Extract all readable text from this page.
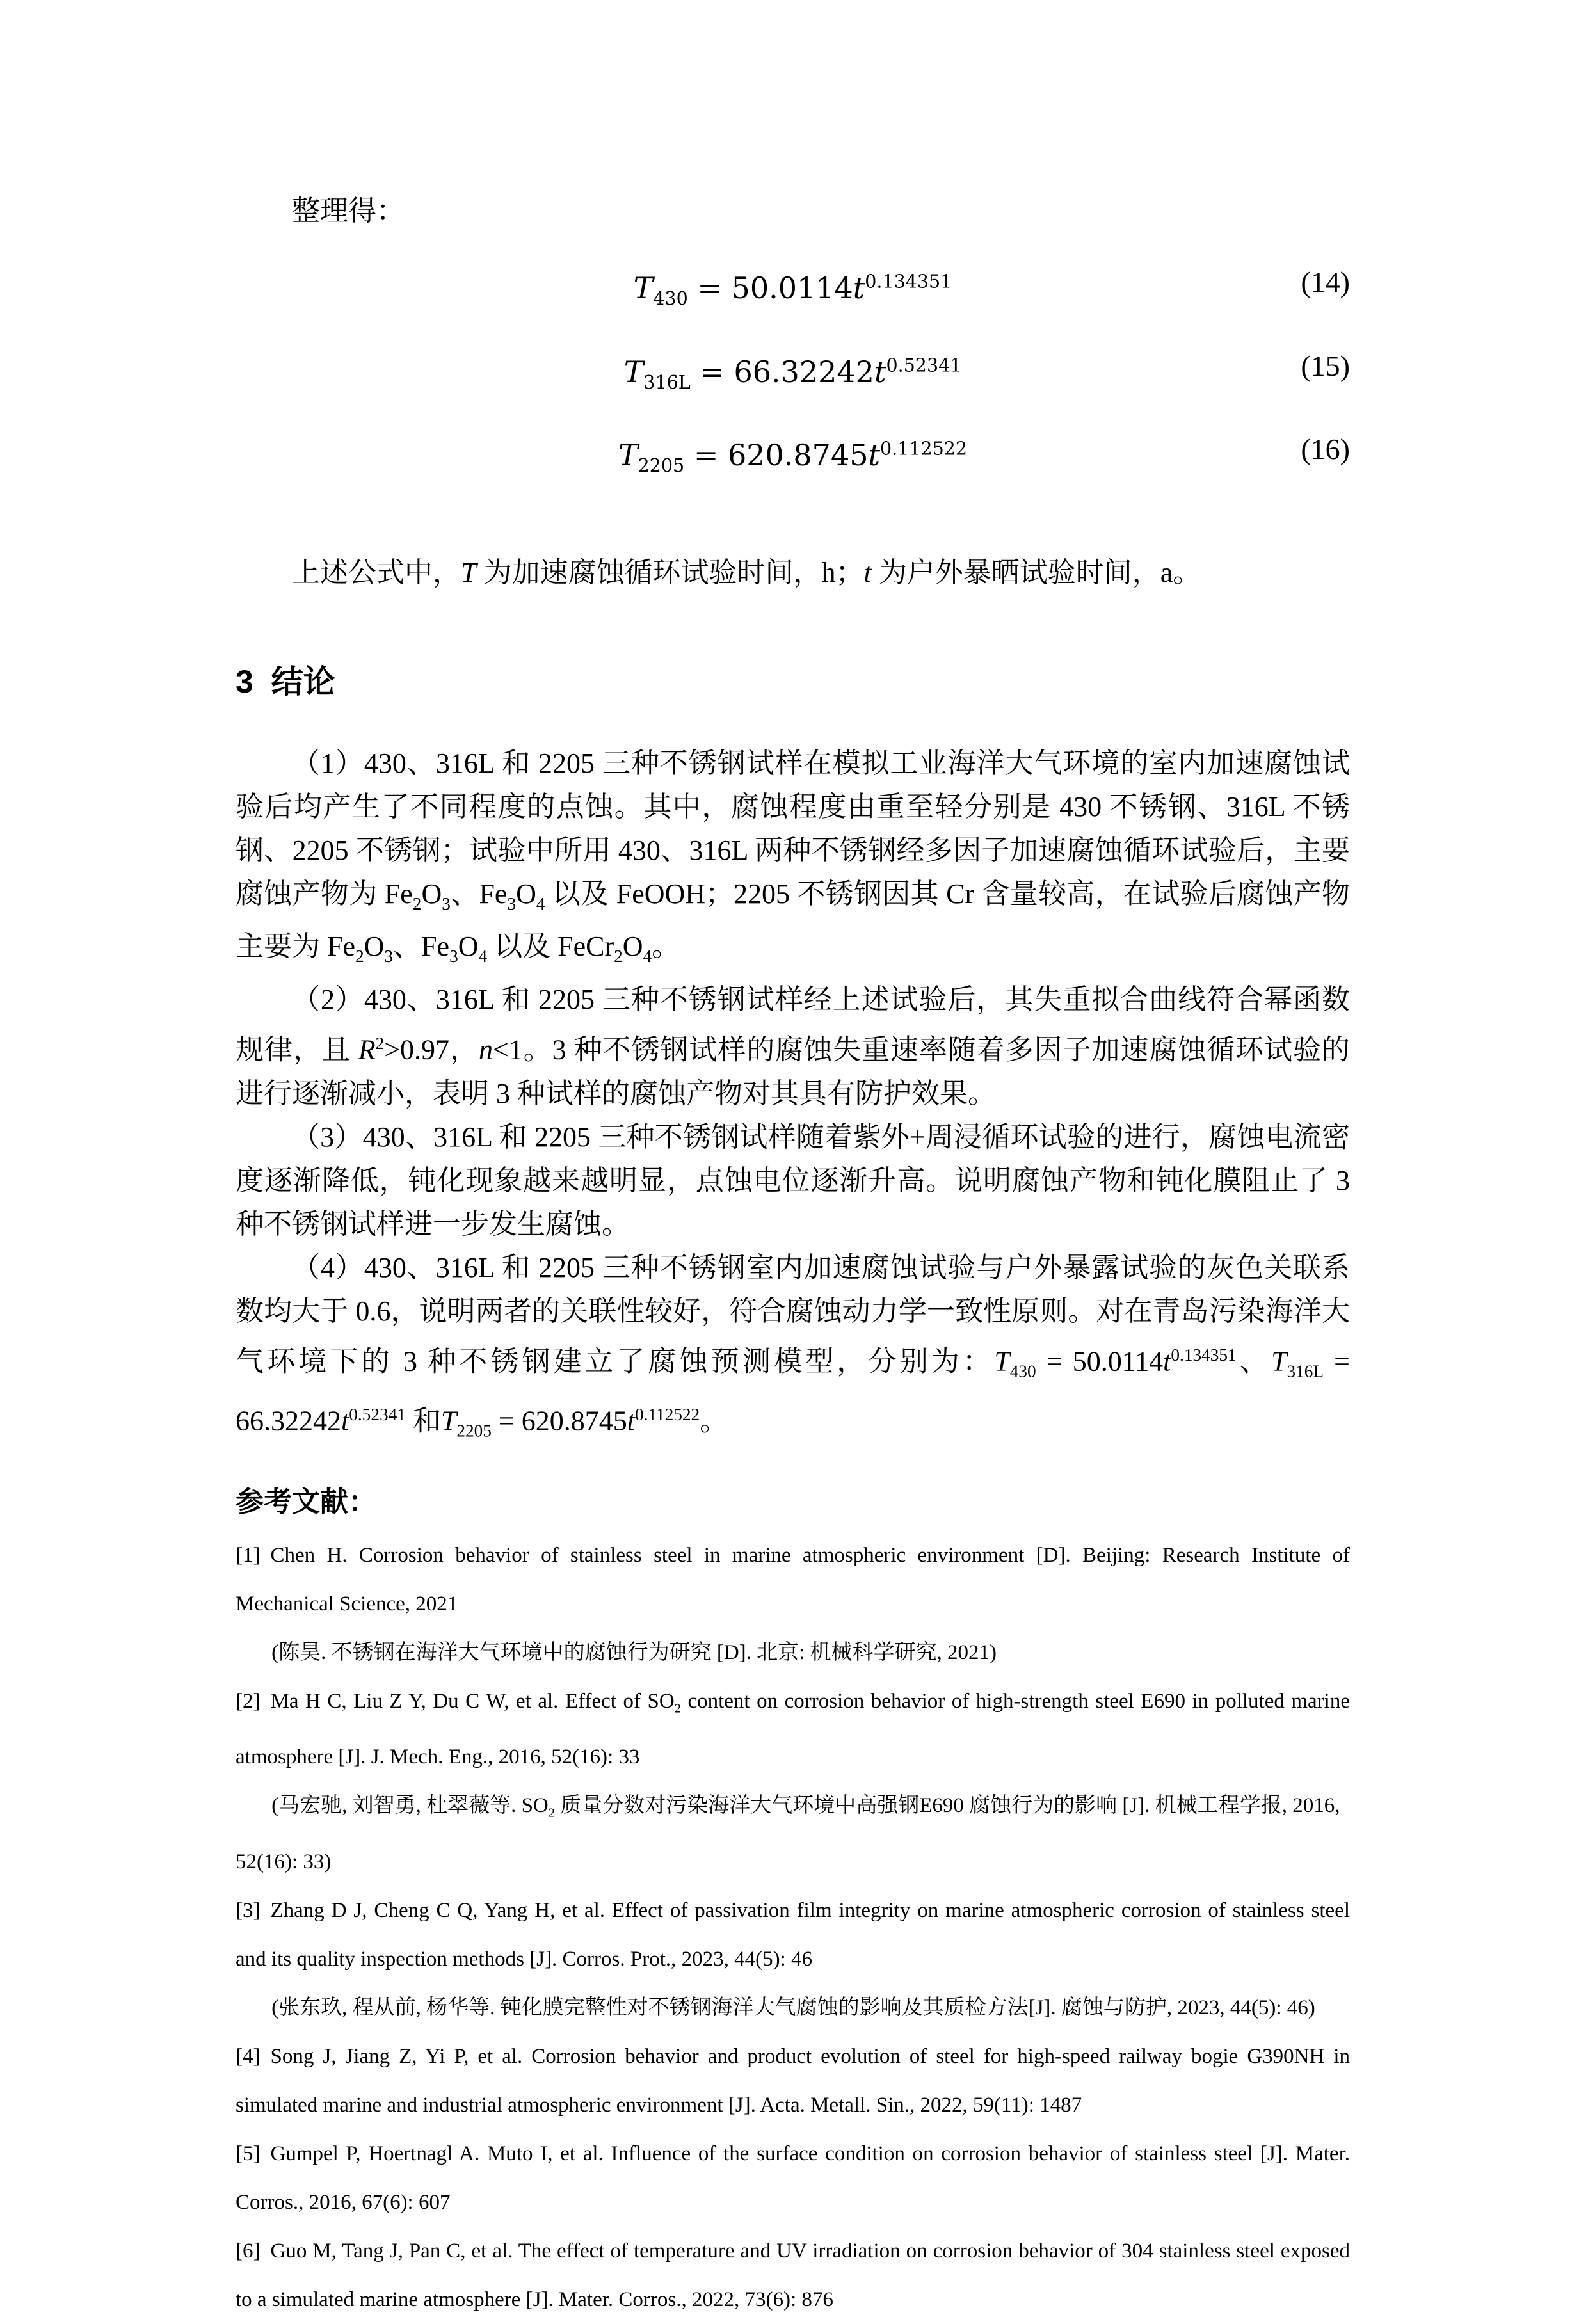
整理得：

$T_{430} = 50.0114t^{0.134351}$	(14)
$T_{316L} = 66.32242t^{0.52341}$	(15)
$T_{2205} = 620.8745t^{0.112522}$	(16)

上述公式中，T 为加速腐蚀循环试验时间，h；t 为户外暴晒试验时间，a。

3  结论

（1）430、316L 和 2205 三种不锈钢试样在模拟工业海洋大气环境的室内加速腐蚀试验后均产生了不同程度的点蚀。其中，腐蚀程度由重至轻分别是 430 不锈钢、316L 不锈钢、2205 不锈钢；试验中所用 430、316L 两种不锈钢经多因子加速腐蚀循环试验后，主要腐蚀产物为 $Fe_2O_3$、$Fe_3O_4$ 以及 FeOOH；2205 不锈钢因其 Cr 含量较高，在试验后腐蚀产物主要为 $Fe_2O_3$、$Fe_3O_4$ 以及 $FeCr_2O_4$。

（2）430、316L 和 2205 三种不锈钢试样经上述试验后，其失重拟合曲线符合幂函数规律，且 $R^2>0.97$，n<1。3 种不锈钢试样的腐蚀失重速率随着多因子加速腐蚀循环试验的进行逐渐减小，表明 3 种试样的腐蚀产物对其具有防护效果。

（3）430、316L 和 2205 三种不锈钢试样随着紫外+周浸循环试验的进行，腐蚀电流密度逐渐降低，钝化现象越来越明显，点蚀电位逐渐升高。说明腐蚀产物和钝化膜阻止了 3 种不锈钢试样进一步发生腐蚀。

（4）430、316L 和 2205 三种不锈钢室内加速腐蚀试验与户外暴露试验的灰色关联系数均大于 0.6，说明两者的关联性较好，符合腐蚀动力学一致性原则。对在青岛污染海洋大气环境下的 3 种不锈钢建立了腐蚀预测模型，分别为：$T_{430} = 50.0114t^{0.134351}$、$T_{316L} = 66.32242t^{0.52341}$ 和$T_{2205} = 620.8745t^{0.112522}$。

参考文献：

[1] Chen H. Corrosion behavior of stainless steel in marine atmospheric environment [D]. Beijing: Research Institute of Mechanical Science, 2021

(陈昊. 不锈钢在海洋大气环境中的腐蚀行为研究 [D]. 北京: 机械科学研究, 2021)

[2] Ma H C, Liu Z Y, Du C W, et al. Effect of $SO_2$ content on corrosion behavior of high-strength steel E690 in polluted marine atmosphere [J]. J. Mech. Eng., 2016, 52(16): 33

(马宏驰, 刘智勇, 杜翠薇等. $SO_2$ 质量分数对污染海洋大气环境中高强钢E690 腐蚀行为的影响 [J]. 机械工程学报, 2016, 52(16): 33)

[3] Zhang D J, Cheng C Q, Yang H, et al. Effect of passivation film integrity on marine atmospheric corrosion of stainless steel and its quality inspection methods [J]. Corros. Prot., 2023, 44(5): 46

(张东玖, 程从前, 杨华等. 钝化膜完整性对不锈钢海洋大气腐蚀的影响及其质检方法[J]. 腐蚀与防护, 2023, 44(5): 46)

[4] Song J, Jiang Z, Yi P, et al. Corrosion behavior and product evolution of steel for high-speed railway bogie G390NH in simulated marine and industrial atmospheric environment [J]. Acta. Metall. Sin., 2022, 59(11): 1487

[5] Gumpel P, Hoertnagl A. Muto I, et al. Influence of the surface condition on corrosion behavior of stainless steel [J]. Mater. Corros., 2016, 67(6): 607

[6] Guo M, Tang J, Pan C, et al. The effect of temperature and UV irradiation on corrosion behavior of 304 stainless steel exposed to a simulated marine atmosphere [J]. Mater. Corros., 2022, 73(6): 876
